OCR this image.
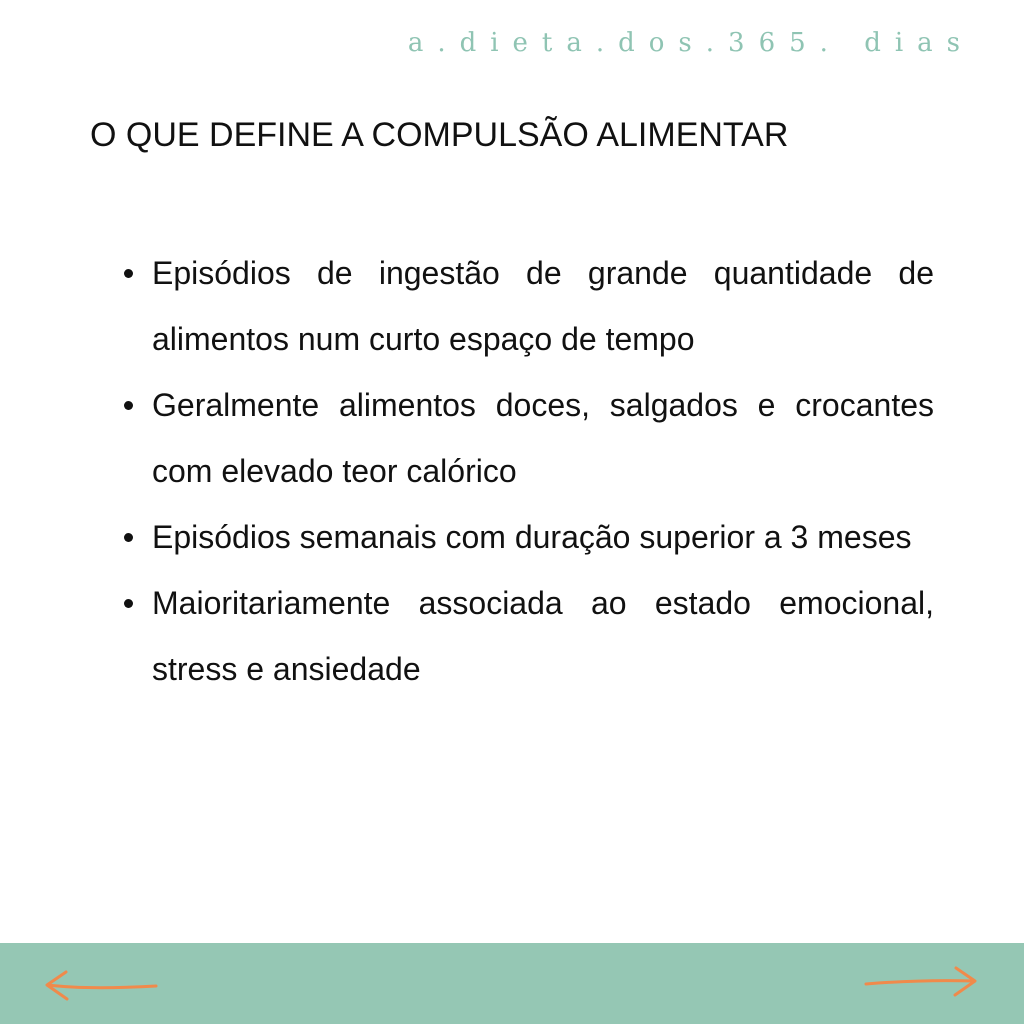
a.dieta.dos.365. dias
O QUE DEFINE A COMPULSÃO ALIMENTAR
Episódios de ingestão de grande quantidade de alimentos num curto espaço de tempo
Geralmente alimentos doces, salgados e crocantes com elevado teor calórico
Episódios semanais com duração superior a 3 meses
Maioritariamente associada ao estado emocional, stress e ansiedade
